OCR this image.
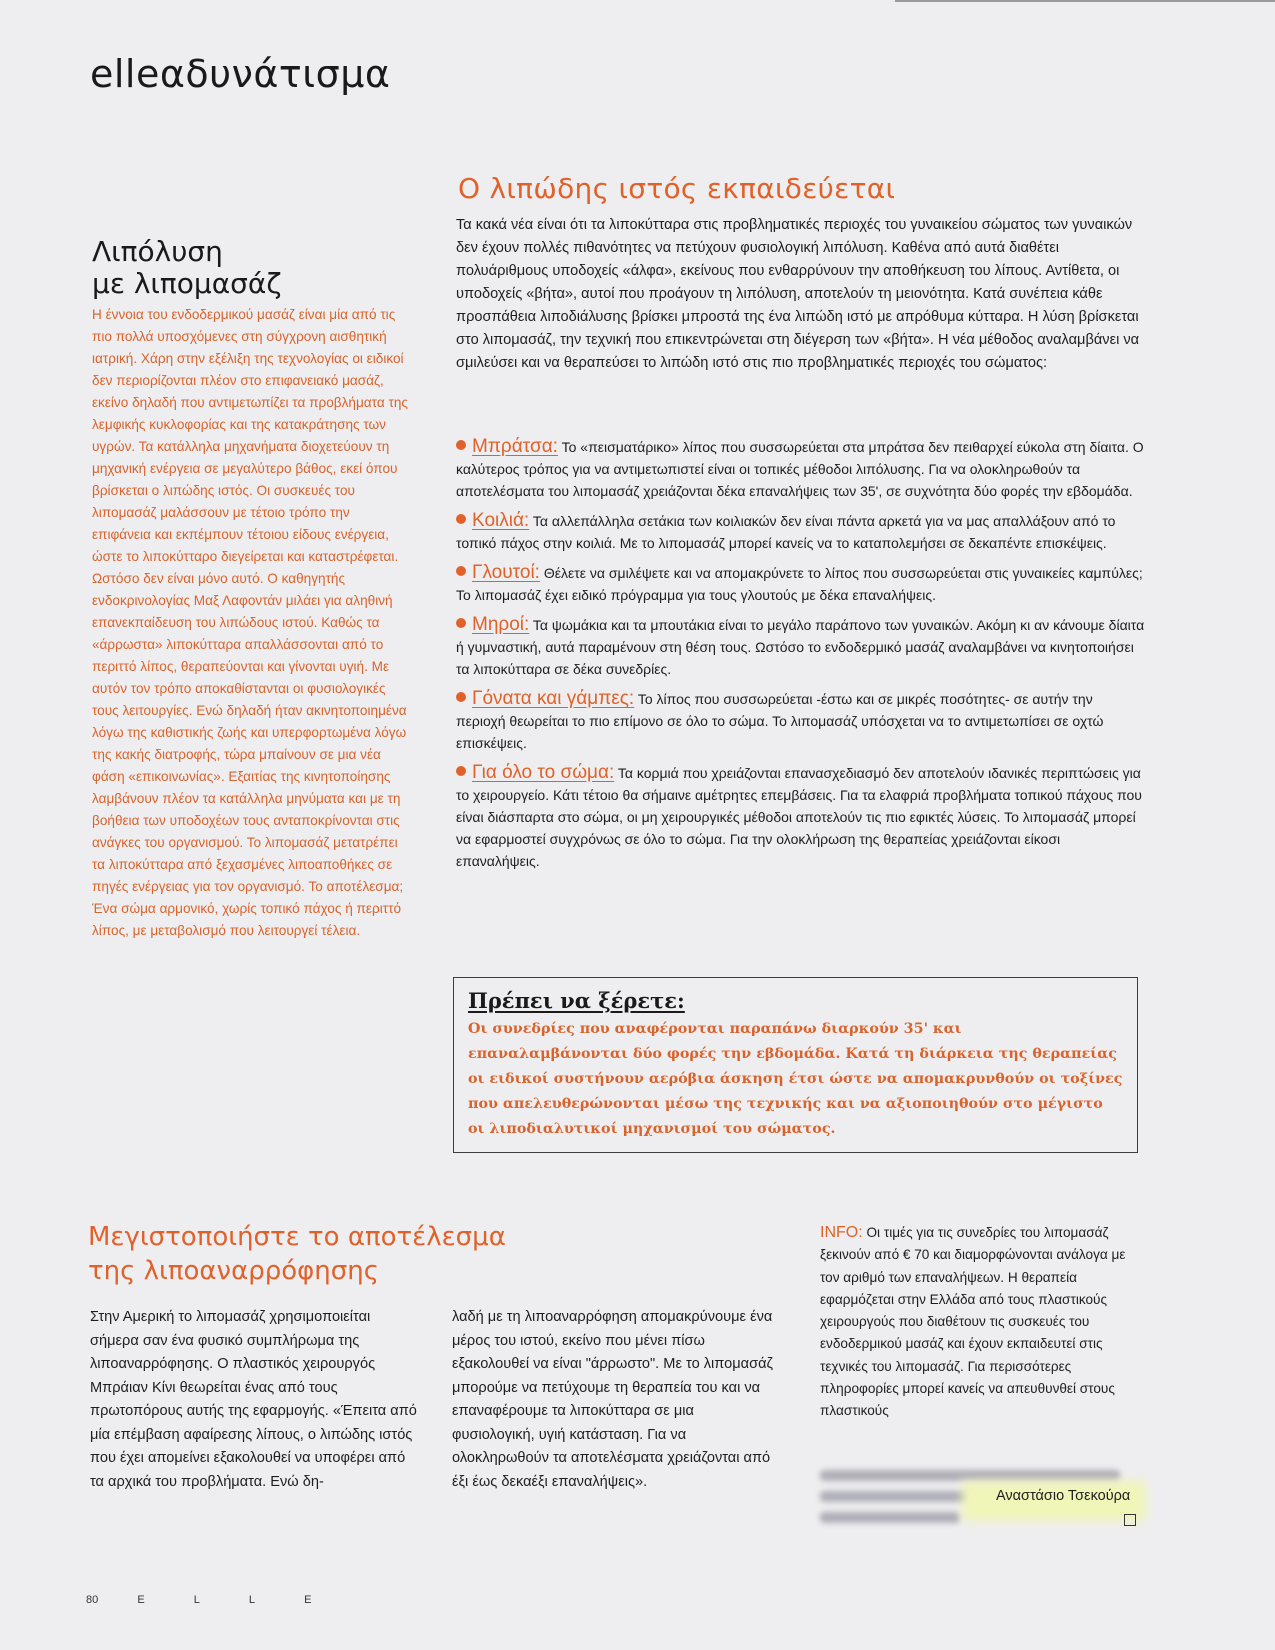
elleαδυνάτισμα
Λιπόλυση
με λιπομασάζ
Η έννοια του ενδοδερμικού μασάζ είναι μία από τις πιο πολλά υποσχόμενες στη σύγχρονη αισθητική ιατρική. Χάρη στην εξέλιξη της τεχνολογίας οι ειδικοί δεν περιορίζονται πλέον στο επιφανειακό μασάζ, εκείνο δηλαδή που αντιμετωπίζει τα προβλήματα της λεμφικής κυκλοφορίας και της κατακράτησης των υγρών. Τα κατάλληλα μηχανήματα διοχετεύουν τη μηχανική ενέργεια σε μεγαλύτερο βάθος, εκεί όπου βρίσκεται ο λιπώδης ιστός. Οι συσκευές του λιπομασάζ μαλάσσουν με τέτοιο τρόπο την επιφάνεια και εκπέμπουν τέτοιου είδους ενέργεια, ώστε το λιποκύτταρο διεγείρεται και καταστρέφεται. Ωστόσο δεν είναι μόνο αυτό. Ο καθηγητής ενδοκρινολογίας Μαξ Λαφοντάν μιλάει για αληθινή επανεκπαίδευση του λιπώδους ιστού. Καθώς τα «άρρωστα» λιποκύτταρα απαλλάσσονται από το περιττό λίπος, θεραπεύονται και γίνονται υγιή. Με αυτόν τον τρόπο αποκαθίστανται οι φυσιολογικές τους λειτουργίες. Ενώ δηλαδή ήταν ακινητοποιημένα λόγω της καθιστικής ζωής και υπερφορτωμένα λόγω της κακής διατροφής, τώρα μπαίνουν σε μια νέα φάση «επικοινωνίας». Εξαιτίας της κινητοποίησης λαμβάνουν πλέον τα κατάλληλα μηνύματα και με τη βοήθεια των υποδοχέων τους ανταποκρίνονται στις ανάγκες του οργανισμού. Το λιπομασάζ μετατρέπει τα λιποκύτταρα από ξεχασμένες λιποαποθήκες σε πηγές ενέργειας για τον οργανισμό. Το αποτέλεσμα; Ένα σώμα αρμονικό, χωρίς τοπικό πάχος ή περιττό λίπος, με μεταβολισμό που λειτουργεί τέλεια.
Ο λιπώδης ιστός εκπαιδεύεται
Τα κακά νέα είναι ότι τα λιποκύτταρα στις προβληματικές περιοχές του γυναικείου σώματος των γυναικών δεν έχουν πολλές πιθανότητες να πετύχουν φυσιολογική λιπόλυση. Καθένα από αυτά διαθέτει πολυάριθμους υποδοχείς «άλφα», εκείνους που ενθαρρύνουν την αποθήκευση του λίπους. Αντίθετα, οι υποδοχείς «βήτα», αυτοί που προάγουν τη λιπόλυση, αποτελούν τη μειονότητα. Κατά συνέπεια κάθε προσπάθεια λιποδιάλυσης βρίσκει μπροστά της ένα λιπώδη ιστό με απρόθυμα κύτταρα. Η λύση βρίσκεται στο λιπομασάζ, την τεχνική που επικεντρώνεται στη διέγερση των «βήτα». Η νέα μέθοδος αναλαμβάνει να σμιλεύσει και να θεραπεύσει το λιπώδη ιστό στις πιο προβληματικές περιοχές του σώματος:
Μπράτσα: Το «πεισματάρικο» λίπος που συσσωρεύεται στα μπράτσα δεν πειθαρχεί εύκολα στη δίαιτα. Ο καλύτερος τρόπος για να αντιμετωπιστεί είναι οι τοπικές μέθοδοι λιπόλυσης. Για να ολοκληρωθούν τα αποτελέσματα του λιπομασάζ χρειάζονται δέκα επαναλήψεις των 35', σε συχνότητα δύο φορές την εβδομάδα.
Κοιλιά: Τα αλλεπάλληλα σετάκια των κοιλιακών δεν είναι πάντα αρκετά για να μας απαλλάξουν από το τοπικό πάχος στην κοιλιά. Με το λιπομασάζ μπορεί κανείς να το καταπολεμήσει σε δεκαπέντε επισκέψεις.
Γλουτοί: Θέλετε να σμιλέψετε και να απομακρύνετε το λίπος που συσσωρεύεται στις γυναικείες καμπύλες; Το λιπομασάζ έχει ειδικό πρόγραμμα για τους γλουτούς με δέκα επαναλήψεις.
Μηροί: Τα ψωμάκια και τα μπουτάκια είναι το μεγάλο παράπονο των γυναικών. Ακόμη κι αν κάνουμε δίαιτα ή γυμναστική, αυτά παραμένουν στη θέση τους. Ωστόσο το ενδοδερμικό μασάζ αναλαμβάνει να κινητοποιήσει τα λιποκύτταρα σε δέκα συνεδρίες.
Γόνατα και γάμπες: Το λίπος που συσσωρεύεται -έστω και σε μικρές ποσότητες- σε αυτήν την περιοχή θεωρείται το πιο επίμονο σε όλο το σώμα. Το λιπομασάζ υπόσχεται να το αντιμετωπίσει σε οχτώ επισκέψεις.
Για όλο το σώμα: Τα κορμιά που χρειάζονται επανασχεδιασμό δεν αποτελούν ιδανικές περιπτώσεις για το χειρουργείο. Κάτι τέτοιο θα σήμαινε αμέτρητες επεμβάσεις. Για τα ελαφριά προβλήματα τοπικού πάχους που είναι διάσπαρτα στο σώμα, οι μη χειρουργικές μέθοδοι αποτελούν τις πιο εφικτές λύσεις. Το λιπομασάζ μπορεί να εφαρμοστεί συγχρόνως σε όλο το σώμα. Για την ολοκλήρωση της θεραπείας χρειάζονται είκοσι επαναλήψεις.
Πρέπει να ξέρετε:
Οι συνεδρίες που αναφέρονται παραπάνω διαρκούν 35' και επαναλαμβάνονται δύο φορές την εβδομάδα. Κατά τη διάρκεια της θεραπείας οι ειδικοί συστήνουν αερόβια άσκηση έτσι ώστε να απομακρυνθούν οι τοξίνες που απελευθερώνονται μέσω της τεχνικής και να αξιοποιηθούν στο μέγιστο οι λιποδιαλυτικοί μηχανισμοί του σώματος.
Μεγιστοποιήστε το αποτέλεσμα
της λιποαναρρόφησης
Στην Αμερική το λιπομασάζ χρησιμοποιείται σήμερα σαν ένα φυσικό συμπλήρωμα της λιποαναρρόφησης. Ο πλαστικός χειρουργός Μπράιαν Κίνι θεωρείται ένας από τους πρωτοπόρους αυτής της εφαρμογής. «Έπειτα από μία επέμβαση αφαίρεσης λίπους, ο λιπώδης ιστός που έχει απομείνει εξακολουθεί να υποφέρει από τα αρχικά του προβλήματα. Ενώ δη-
λαδή με τη λιποαναρρόφηση απομακρύνουμε ένα μέρος του ιστού, εκείνο που μένει πίσω εξακολουθεί να είναι "άρρωστο". Με το λιπομασάζ μπορούμε να πετύχουμε τη θεραπεία του και να επαναφέρουμε τα λιποκύτταρα σε μια φυσιολογική, υγιή κατάσταση. Για να ολοκληρωθούν τα αποτελέσματα χρειάζονται από έξι έως δεκαέξι επαναλήψεις».
INFO: Οι τιμές για τις συνεδρίες του λιπομασάζ ξεκινούν από € 70 και διαμορφώνονται ανάλογα με τον αριθμό των επαναλήψεων. Η θεραπεία εφαρμόζεται στην Ελλάδα από τους πλαστικούς χειρουργούς που διαθέτουν τις συσκευές του ενδοδερμικού μασάζ και έχουν εκπαιδευτεί στις τεχνικές του λιπομασάζ. Για περισσότερες πληροφορίες μπορεί κανείς να απευθυνθεί στους πλαστικούς
Αναστάσιο Τσεκούρα
80	E	L	L	E
